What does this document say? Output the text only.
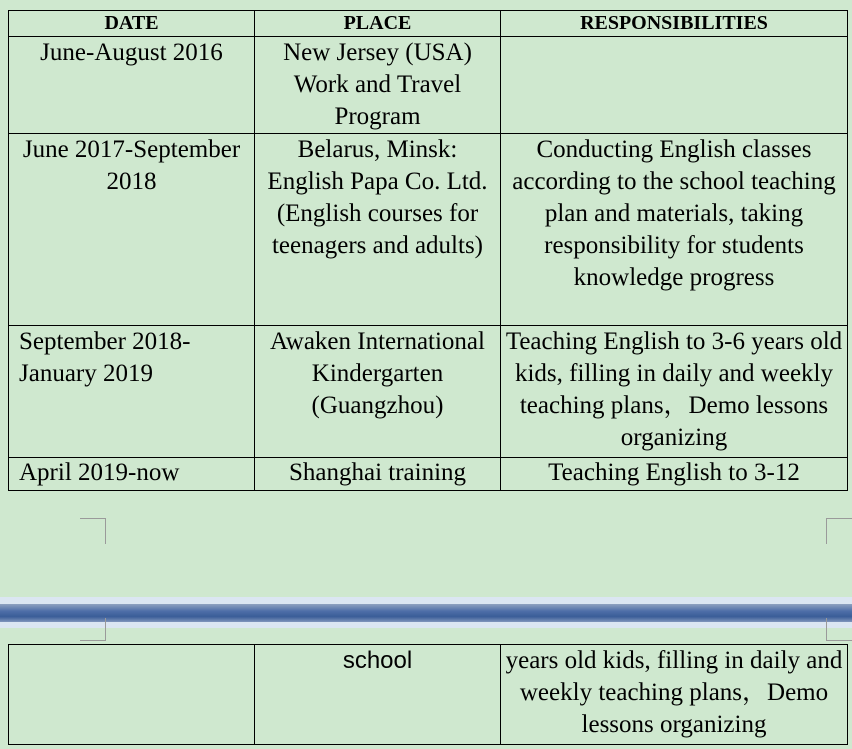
DATE	PLACE	RESPONSIBILITIES
June-August 2016	New Jersey (USA) Work and Travel Program	
June 2017-September 2018	Belarus, Minsk: English Papa Co. Ltd. (English courses for teenagers and adults)	Conducting English classes according to the school teaching plan and materials, taking responsibility for students knowledge progress
September 2018-January 2019	Awaken International Kindergarten (Guangzhou)	Teaching English to 3-6 years old kids, filling in daily and weekly teaching plans，Demo lessons organizing
April 2019-now	Shanghai training	Teaching English to 3-12
	school	years old kids, filling in daily and weekly teaching plans，Demo lessons organizing
